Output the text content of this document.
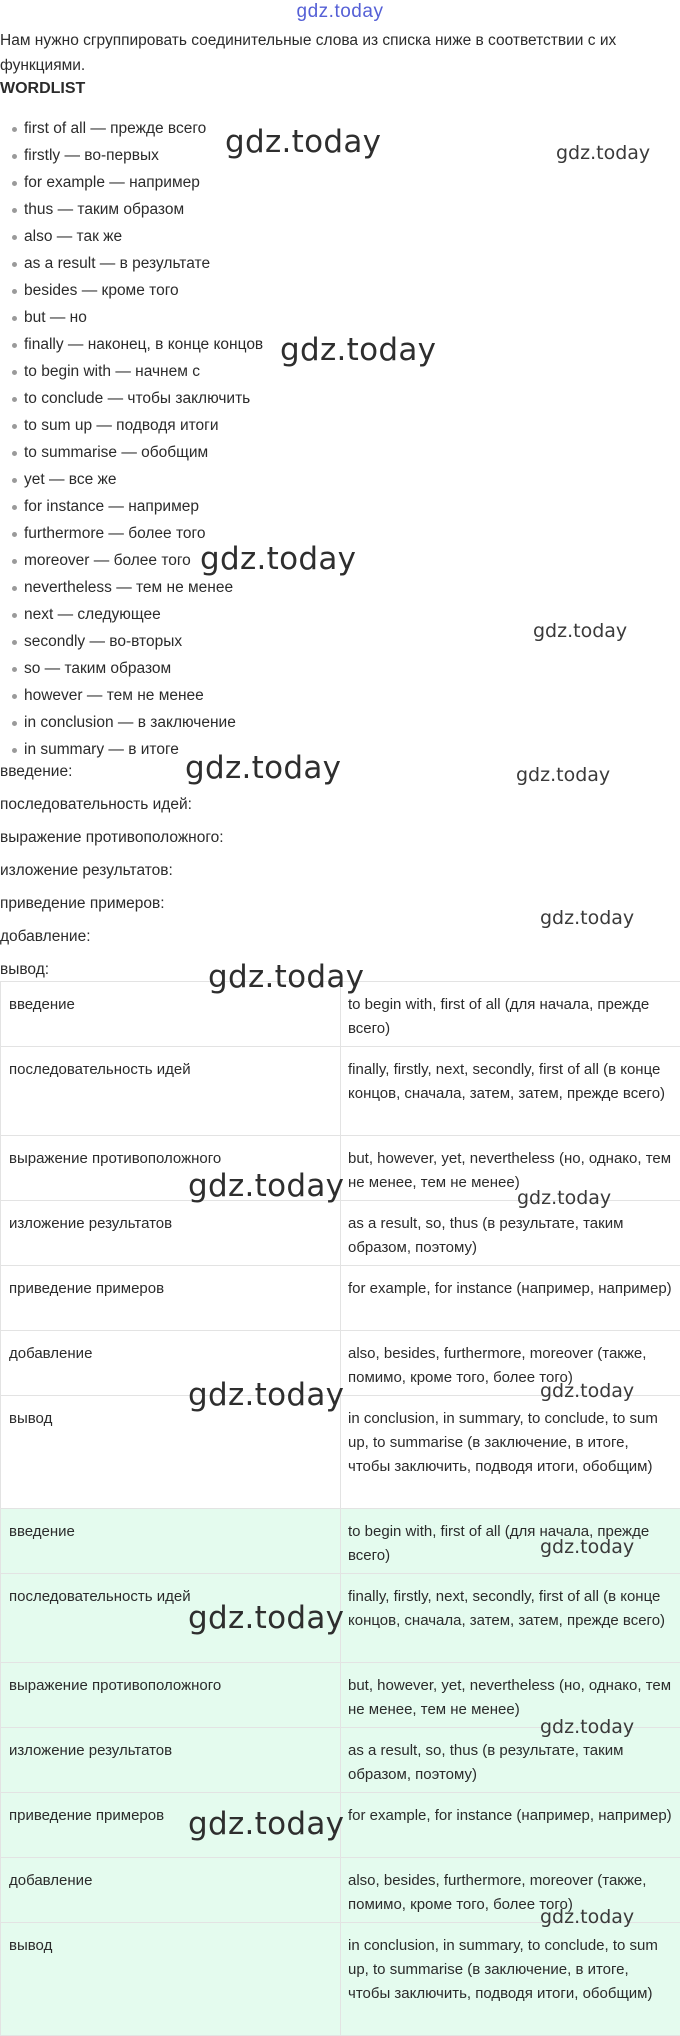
gdz.today
Нам нужно сгруппировать соединительные слова из списка ниже в соответствии с их функциями.
WORDLIST
first of all — прежде всего
firstly — во-первых
for example — например
thus — таким образом
also — так же
as a result — в результате
besides — кроме того
but — но
finally — наконец, в конце концов
to begin with — начнем с
to conclude — чтобы заключить
to sum up — подводя итоги
to summarise — обобщим
yet — все же
for instance — например
furthermore — более того
moreover — более того
nevertheless — тем не менее
next — следующее
secondly — во-вторых
so — таким образом
however — тем не менее
in conclusion — в заключение
in summary — в итоге
введение:
последовательность идей:
выражение противоположного:
изложение результатов:
приведение примеров:
добавление:
вывод:
введение	to begin with, first of all (для начала, прежде всего)
последовательность идей	finally, firstly, next, secondly, first of all (в конце концов, сначала, затем, затем, прежде всего)
выражение противоположного	but, however, yet, nevertheless (но, однако, тем не менее, тем не менее)
изложение результатов	as a result, so, thus (в результате, таким образом, поэтому)
приведение примеров	for example, for instance (например, например)
добавление	also, besides, furthermore, moreover (также, помимо, кроме того, более того)
вывод	in conclusion, in summary, to conclude, to sum up, to summarise (в заключение, в итоге, чтобы заключить, подводя итоги, обобщим)
введение	to begin with, first of all (для начала, прежде всего)
последовательность идей	finally, firstly, next, secondly, first of all (в конце концов, сначала, затем, затем, прежде всего)
выражение противоположного	but, however, yet, nevertheless (но, однако, тем не менее, тем не менее)
изложение результатов	as a result, so, thus (в результате, таким образом, поэтому)
приведение примеров	for example, for instance (например, например)
добавление	also, besides, furthermore, moreover (также, помимо, кроме того, более того)
вывод	in conclusion, in summary, to conclude, to sum up, to summarise (в заключение, в итоге, чтобы заключить, подводя итоги, обобщим)
gdz.today	gdz.today
gdz.today
gdz.today
gdz.today
gdz.today	gdz.today
gdz.today
gdz.today
gdz.today	gdz.today
gdz.today	gdz.today
gdz.today
gdz.today
gdz.today
gdz.today
gdz.today
